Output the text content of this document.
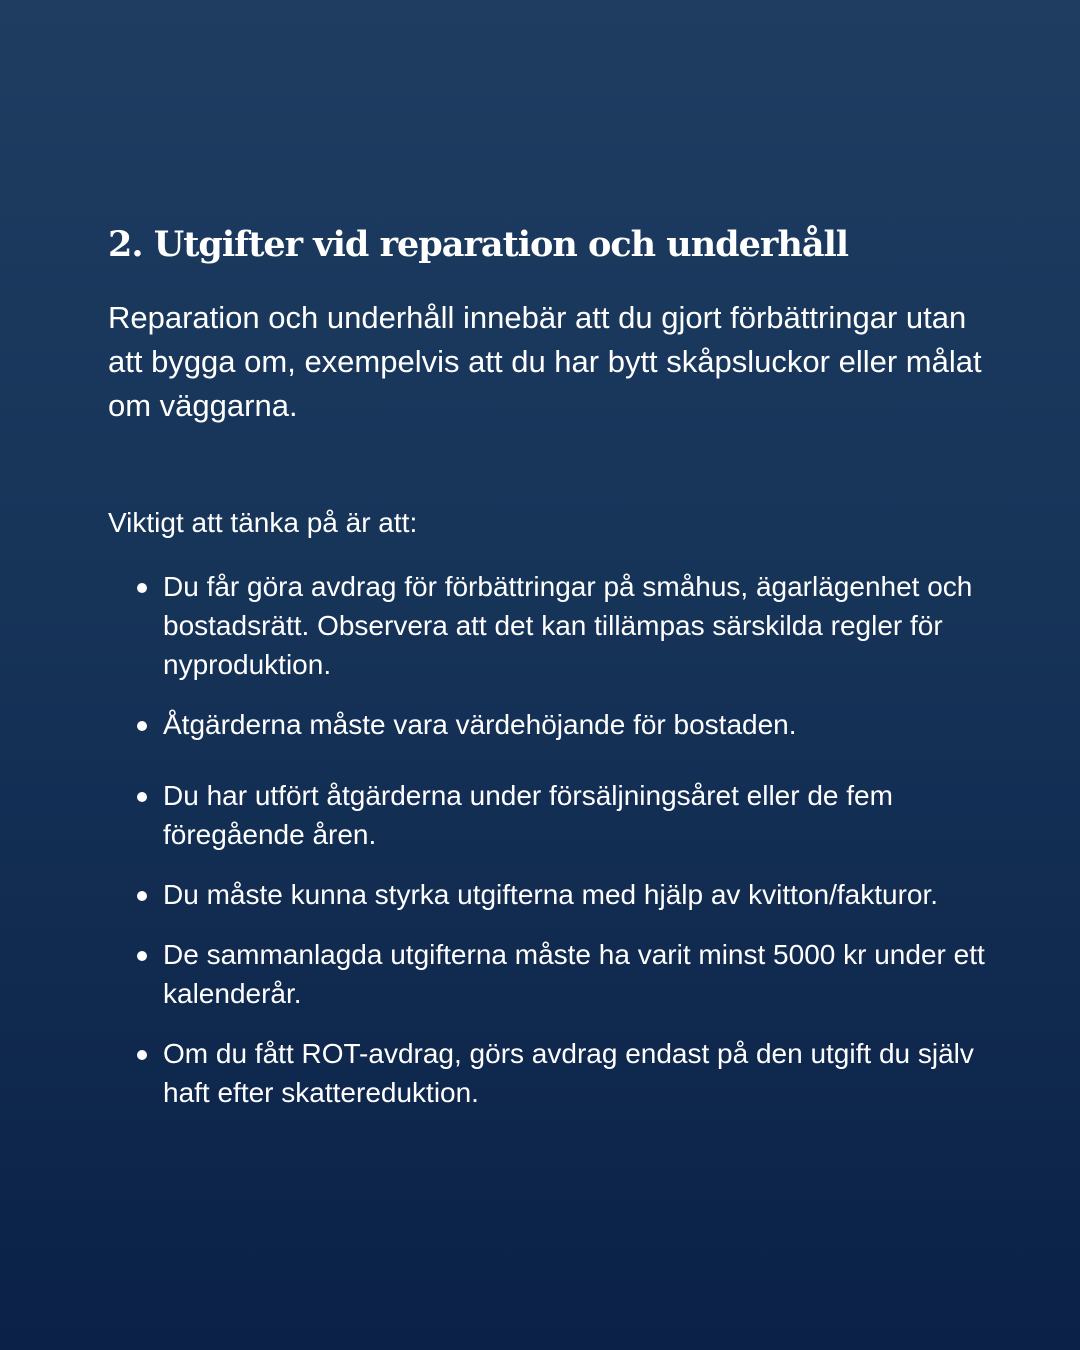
2. Utgifter vid reparation och underhåll

Reparation och underhåll innebär att du gjort förbättringar utan att bygga om, exempelvis att du har bytt skåpsluckor eller målat om väggarna.

Viktigt att tänka på är att:

Du får göra avdrag för förbättringar på småhus, ägarlägenhet och bostadsrätt. Observera att det kan tillämpas särskilda regler för nyproduktion.
Åtgärderna måste vara värdehöjande för bostaden.
Du har utfört åtgärderna under försäljningsåret eller de fem föregående åren.
Du måste kunna styrka utgifterna med hjälp av kvitton/fakturor.
De sammanlagda utgifterna måste ha varit minst 5000 kr under ett kalenderår.
Om du fått ROT-avdrag, görs avdrag endast på den utgift du själv haft efter skattereduktion.
